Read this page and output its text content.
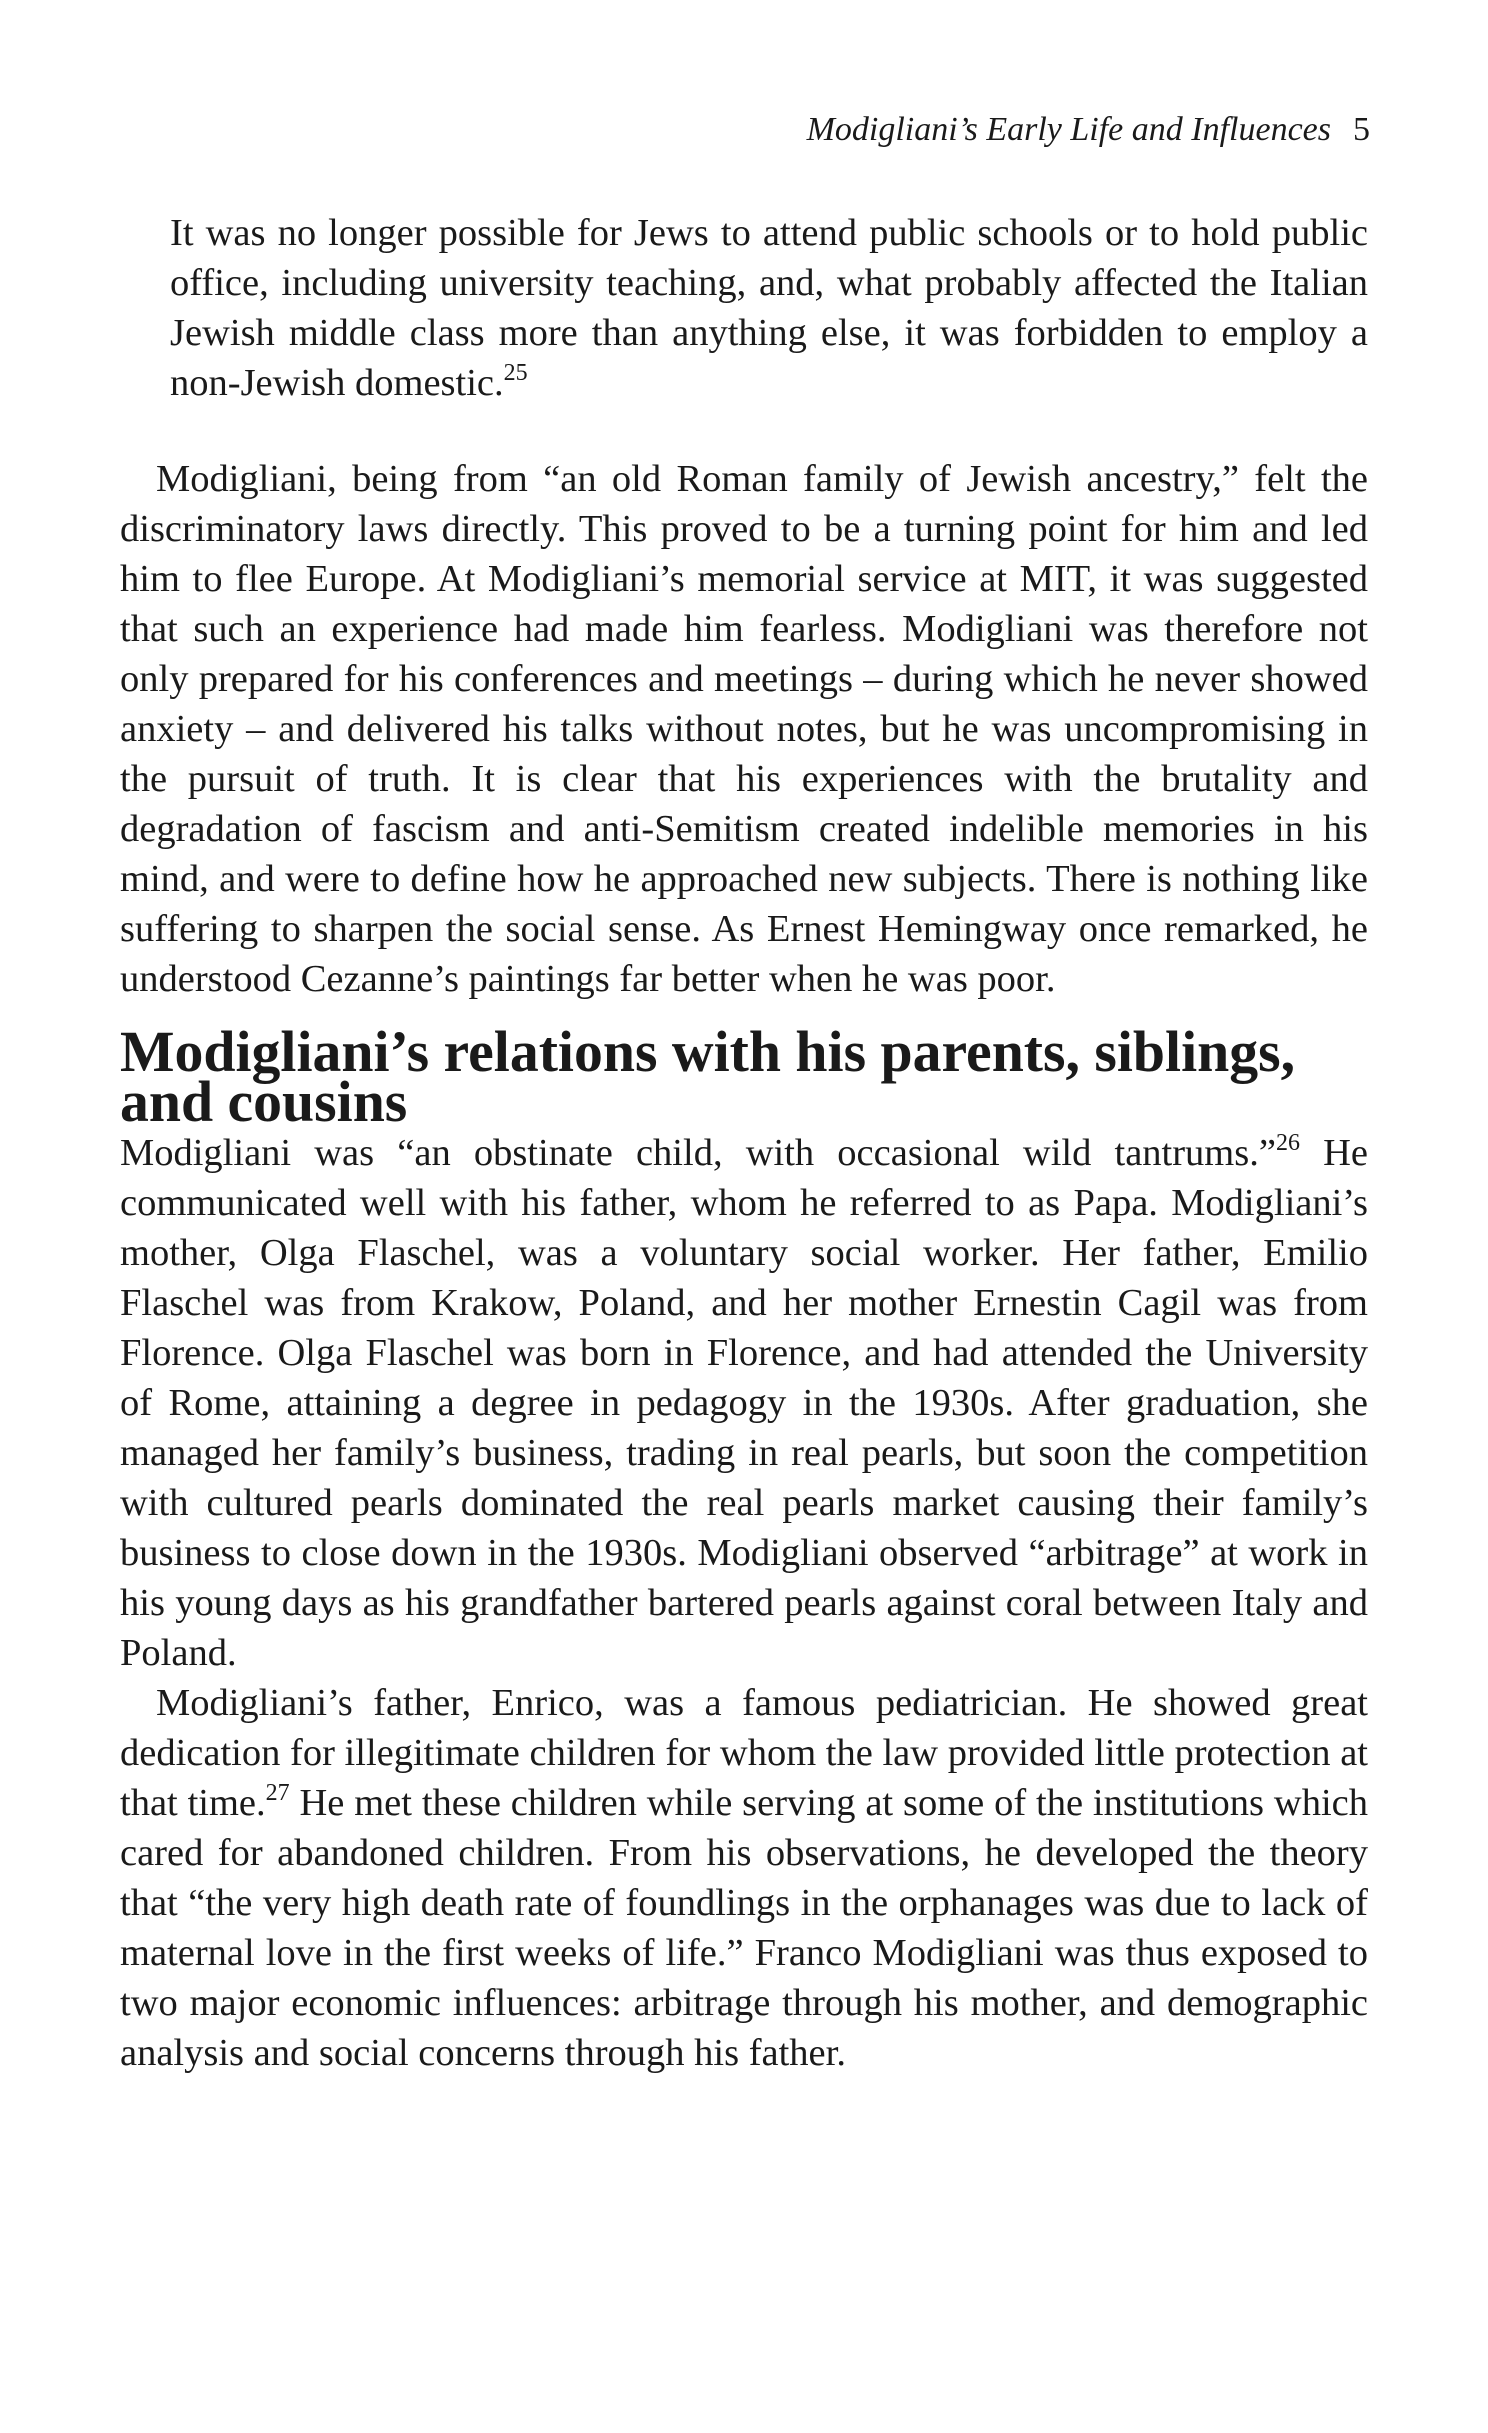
Modigliani’s Early Life and Influences 5

It was no longer possible for Jews to attend public schools or to hold public office, including university teaching, and, what probably affected the Italian Jewish middle class more than anything else, it was forbidden to employ a non-Jewish domestic.$^{25}$

Modigliani, being from “an old Roman family of Jewish ancestry,” felt the discriminatory laws directly. This proved to be a turning point for him and led him to flee Europe. At Modigliani’s memorial service at MIT, it was suggested that such an experience had made him fearless. Modigliani was therefore not only prepared for his conferences and meetings – during which he never showed anxiety – and delivered his talks without notes, but he was uncompromising in the pursuit of truth. It is clear that his experiences with the brutality and degradation of fascism and anti-Semitism created indelible memories in his mind, and were to define how he approached new subjects. There is nothing like suffering to sharpen the social sense. As Ernest Hemingway once remarked, he understood Cezanne’s paintings far better when he was poor.

Modigliani’s relations with his parents, siblings, and cousins

Modigliani was “an obstinate child, with occasional wild tantrums.”$^{26}$ He communicated well with his father, whom he referred to as Papa. Modigliani’s mother, Olga Flaschel, was a voluntary social worker. Her father, Emilio Flaschel was from Krakow, Poland, and her mother Ernestin Cagil was from Florence. Olga Flaschel was born in Florence, and had attended the University of Rome, attaining a degree in pedagogy in the 1930s. After graduation, she managed her family’s business, trading in real pearls, but soon the competition with cultured pearls dominated the real pearls market causing their family’s business to close down in the 1930s. Modigliani observed “arbitrage” at work in his young days as his grandfather bartered pearls against coral between Italy and Poland.

Modigliani’s father, Enrico, was a famous pediatrician. He showed great dedication for illegitimate children for whom the law provided little protection at that time.$^{27}$ He met these children while serving at some of the institutions which cared for abandoned children. From his observations, he developed the theory that “the very high death rate of foundlings in the orphanages was due to lack of maternal love in the first weeks of life.” Franco Modigliani was thus exposed to two major economic influences: arbitrage through his mother, and demographic analysis and social concerns through his father.
